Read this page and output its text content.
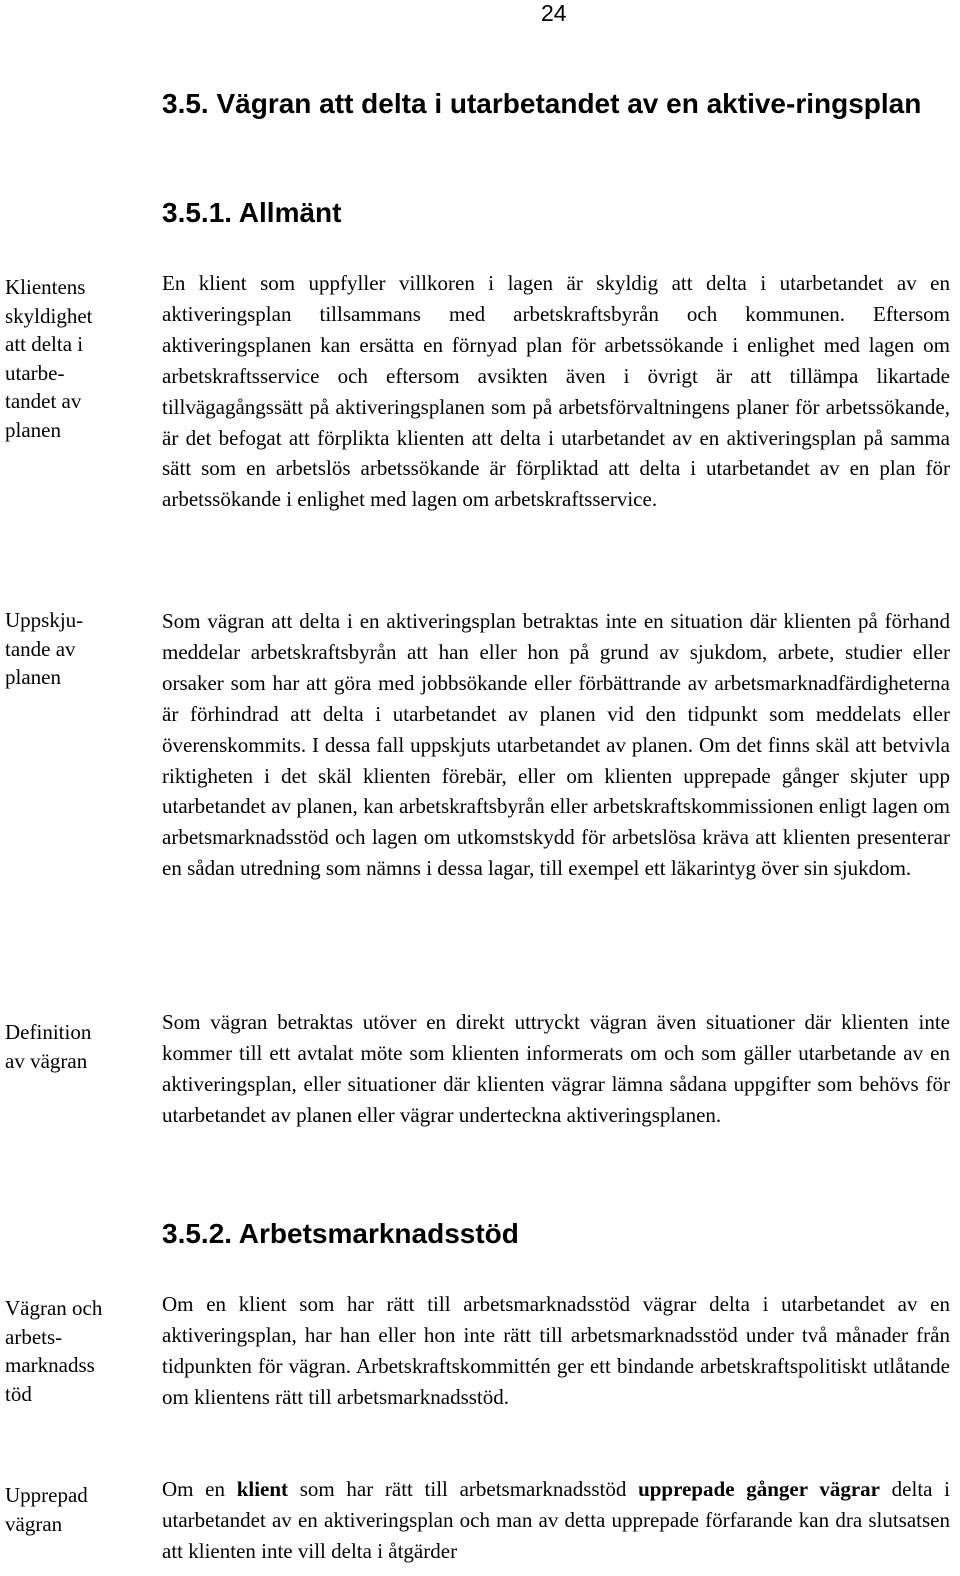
24
3.5. Vägran att delta i utarbetandet av en aktive-ringsplan
3.5.1. Allmänt
Klientens
skyldighet
att delta i
utarbe-
tandet av
planen
Uppskju-
tande av
planen
Definition
av vägran
Vägran och
arbets-
marknadss
töd
Upprepad
vägran

En klient som uppfyller villkoren i lagen är skyldig att delta i utarbetandet av en aktiveringsplan tillsammans med arbetskraftsbyrån och kommunen. Eftersom aktiveringsplanen kan ersätta en förnyad plan för arbetssökande i enlighet med lagen om arbetskraftsservice och eftersom avsikten även i övrigt är att tillämpa likartade tillvägagångssätt på aktiveringsplanen som på arbetsförvaltningens planer för arbetssökande, är det befogat att förplikta klienten att delta i utarbetandet av en aktiveringsplan på samma sätt som en arbetslös arbetssökande är förpliktad att delta i utarbetandet av en plan för arbetssökande i enlighet med lagen om arbetskraftsservice.

Som vägran att delta i en aktiveringsplan betraktas inte en situation där klienten på förhand meddelar arbetskraftsbyrån att han eller hon på grund av sjukdom, arbete, studier eller orsaker som har att göra med jobbsökande eller förbättrande av arbetsmarknadfärdigheterna är förhindrad att delta i utarbetandet av planen vid den tidpunkt som meddelats eller överenskommits. I dessa fall uppskjuts utarbetandet av planen. Om det finns skäl att betvivla riktigheten i det skäl klienten förebär, eller om klienten upprepade gånger skjuter upp utarbetandet av planen, kan arbetskraftsbyrån eller arbetskraftskommissionen enligt lagen om arbetsmarknadsstöd och lagen om utkomstskydd för arbetslösa kräva att klienten presenterar en sådan utredning som nämns i dessa lagar, till exempel ett läkarintyg över sin sjukdom.

Som vägran betraktas utöver en direkt uttryckt vägran även situationer där klienten inte kommer till ett avtalat möte som klienten informerats om och som gäller utarbetande av en aktiveringsplan, eller situationer där klienten vägrar lämna sådana uppgifter som behövs för utarbetandet av planen eller vägrar underteckna aktiveringsplanen.

3.5.2. Arbetsmarknadsstöd

Om en klient som har rätt till arbetsmarknadsstöd vägrar delta i utarbetandet av en aktiveringsplan, har han eller hon inte rätt till arbetsmarknadsstöd under två månader från tidpunkten för vägran. Arbetskraftskommittén ger ett bindande arbetskraftspolitiskt utlåtande om klientens rätt till arbetsmarknadsstöd.

Om en klient som har rätt till arbetsmarknadsstöd upprepade gånger vägrar delta i utarbetandet av en aktiveringsplan och man av detta upprepade förfarande kan dra slutsatsen att klienten inte vill delta i åtgärder
